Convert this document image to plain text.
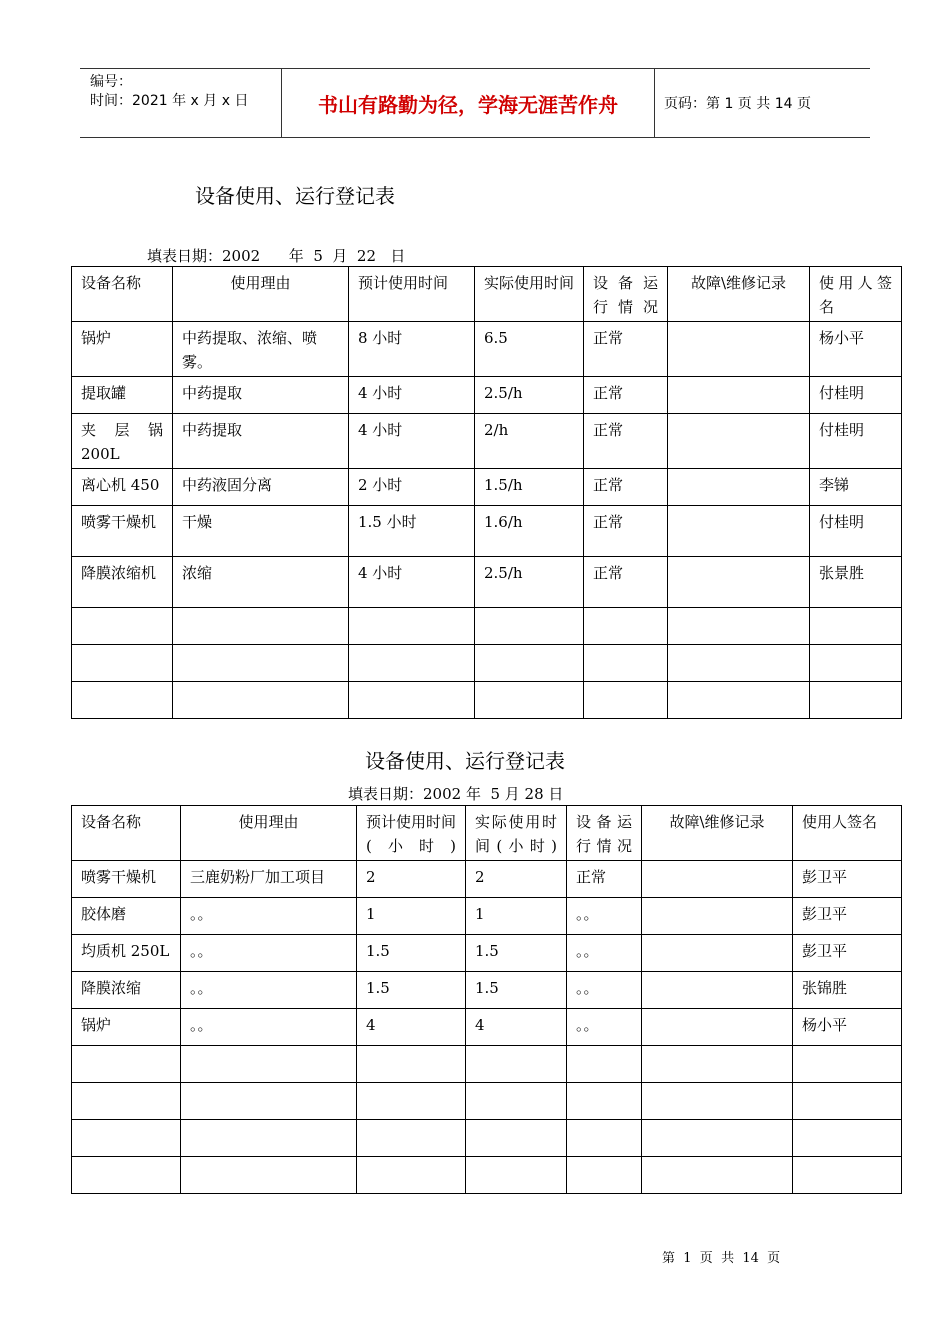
编号：
时间：2021 年 x 月 x 日	书山有路勤为径，学海无涯苦作舟	页码：第 1 页 共 14 页
设备使用、运行登记表
填表日期：2002      年  5  月  22   日
设备名称	使用理由	预计使用时间	实际使用时间	设 备 运行情况	故障\维修记录	使用人签名
锅炉	中药提取、浓缩、喷雾。	8 小时	6.5	正常		杨小平
提取罐	中药提取	4 小时	2.5/h	正常		付桂明
夹层锅 200L	中药提取	4 小时	2/h	正常		付桂明
离心机 450	中药液固分离	2 小时	1.5/h	正常		李锑
喷雾干燥机	干燥	1.5 小时	1.6/h	正常		付桂明
降膜浓缩机	浓缩	4 小时	2.5/h	正常		张景胜

设备使用、运行登记表
填表日期：2002 年  5 月 28 日
设备名称	使用理由	预计使用时间(小时)	实际使用时间(小时)	设备运行情况	故障\维修记录	使用人签名
喷雾干燥机	三鹿奶粉厂加工项目	2	2	正常		彭卫平
胶体磨	。。	1	1	。。		彭卫平
均质机 250L	。。	1.5	1.5	。。		彭卫平
降膜浓缩	。。	1.5	1.5	。。		张锦胜
锅炉	。。	4	4	。。		杨小平

第  1  页  共  14  页
